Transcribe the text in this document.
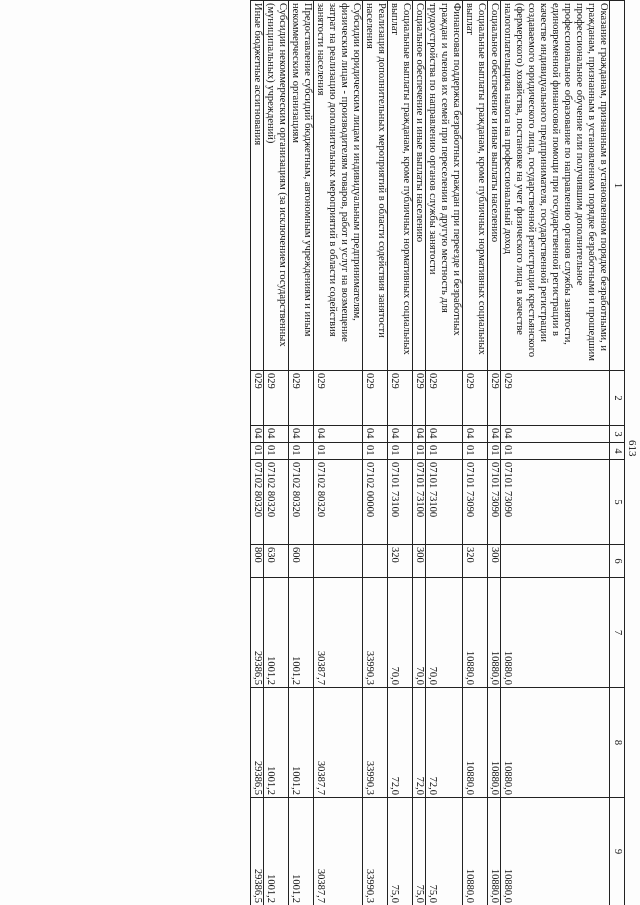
613
1	2	3	4	5	6	7	8	9
Оказание гражданам, признанным в установленном порядке безработными, и гражданам, признанным в установленном порядке безработными и прошедшим профессиональное обучение или получившим дополнительное профессиональное образование по направлению органов службы занятости, единовременной финансовой помощи при государственной регистрации в качестве индивидуального предпринимателя, государственной регистрации создаваемого юридического лица, государственной регистрации крестьянского (фермерского) хозяйства, постановке на учет физического лица в качестве налогоплательщика налога на профессиональный доход	029	04	01	07101 73090		10880,0	10880,0	10880,0
Социальное обеспечение и иные выплаты населению	029	04	01	07101 73090	300	10880,0	10880,0	10880,0
Социальные выплаты гражданам, кроме публичных нормативных социальных выплат	029	04	01	07101 73090	320	10880,0	10880,0	10880,0
Финансовая поддержка безработных граждан при переезде и безработных граждан и членов их семей при переселении в другую местность для трудоустройства по направлению органов службы занятости	029	04	01	07101 73100		70,0	72,0	75,0
Социальное обеспечение и иные выплаты населению	029	04	01	07101 73100	300	70,0	72,0	75,0
Социальные выплаты гражданам, кроме публичных нормативных социальных выплат	029	04	01	07101 73100	320	70,0	72,0	75,0
Реализация дополнительных мероприятий в области содействия занятости населения	029	04	01	07102 00000		33990,3	33990,3	33990,3
Субсидии юридическим лицам и индивидуальным предпринимателям, физическим лицам - производителям товаров, работ и услуг на возмещение затрат на реализацию дополнительных мероприятий в области содействия занятости населения	029	04	01	07102 80320		30387,7	30387,7	30387,7
Предоставление субсидий бюджетным, автономным учреждениям и иным некоммерческим организациям	029	04	01	07102 80320	600	1001,2	1001,2	1001,2
Субсидии некоммерческим организациям (за исключением государственных (муниципальных) учреждений)	029	04	01	07102 80320	630	1001,2	1001,2	1001,2
Иные бюджетные ассигнования	029	04	01	07102 80320	800	29386,5	29386,5	29386,5
